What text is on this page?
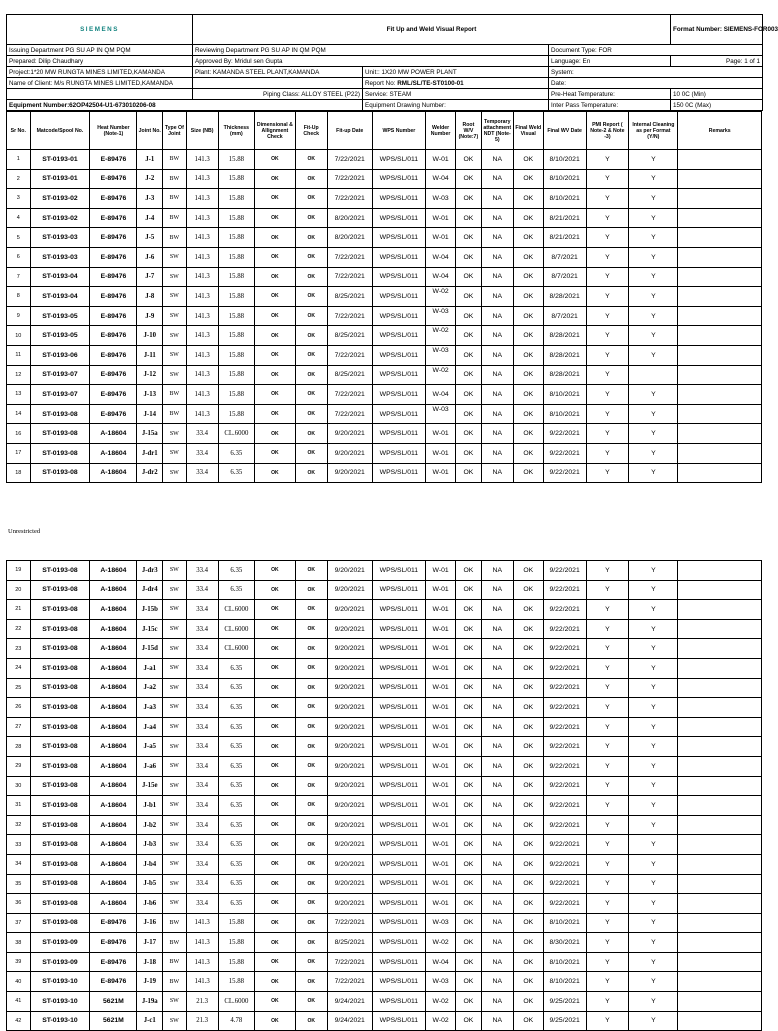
SIEMENS	Fit Up and Weld Visual Report			Format Number: SIEMENS-FOR003
Issuing Department PG SU AP IN QM PQM	Reviewing Department PG SU AP IN QM PQM		Document Type: FOR	
Prepared: Dilip Chaudhary	Approved By: Mridul sen Gupta		Language: En	Page: 1 of 1
Project:1*20 MW RUNGTA MINES LIMITED,KAMANDA	Plant: KAMANDA STEEL PLANT,KAMANDA	Unit:: 1X20 MW POWER PLANT	System:	
Name of Client: M/s RUNGTA MINES LIMITED,KAMANDA		Report No: RML/SL/TE-ST0100-01	Date:	
	Piping Class: ALLOY STEEL (P22)	Service: STEAM	Pre-Heat Temperature:	10 0C (Min)
Equipment Number:62OP42504-U1-673010206-08		Equipment Drawing Number:	Inter Pass Temperature:	150 0C (Max)
Sr No.	Matcode/Spool No.	Heat Number (Note-1)	Joint No.	Type Of Joint	Size (NB)	Thickness (mm)	Dimensional & Allignment Check	Fit-Up Check	Fit-up Date	WPS Number	Welder Number	Root W/V (Note:7)	Temporary attachment NDT (Note-5)	Final Weld Visual	Final WV Date	PMI Report ( Note-2 & Note -3)	Internal Cleaning as per Format (Y/N)	Remarks
1	ST-0193-01	E-89476	J-1	BW	141.3	15.88	OK	OK	7/22/2021	WPS/SL/011	W-01	OK	NA	OK	8/10/2021	Y	Y	
2	ST-0193-01	E-89476	J-2	BW	141.3	15.88	OK	OK	7/22/2021	WPS/SL/011	W-04	OK	NA	OK	8/10/2021	Y	Y	
3	ST-0193-02	E-89476	J-3	BW	141.3	15.88	OK	OK	7/22/2021	WPS/SL/011	W-03	OK	NA	OK	8/10/2021	Y	Y	
4	ST-0193-02	E-89476	J-4	BW	141.3	15.88	OK	OK	8/20/2021	WPS/SL/011	W-01	OK	NA	OK	8/21/2021	Y	Y	
5	ST-0193-03	E-89476	J-5	BW	141.3	15.88	OK	OK	8/20/2021	WPS/SL/011	W-01	OK	NA	OK	8/21/2021	Y	Y	
6	ST-0193-03	E-89476	J-6	SW	141.3	15.88	OK	OK	7/22/2021	WPS/SL/011	W-04	OK	NA	OK	8/7/2021	Y	Y	
7	ST-0193-04	E-89476	J-7	SW	141.3	15.88	OK	OK	7/22/2021	WPS/SL/011	W-04	OK	NA	OK	8/7/2021	Y	Y	
8	ST-0193-04	E-89476	J-8	SW	141.3	15.88	OK	OK	8/25/2021	WPS/SL/011	W-02	OK	NA	OK	8/28/2021	Y	Y	
9	ST-0193-05	E-89476	J-9	SW	141.3	15.88	OK	OK	7/22/2021	WPS/SL/011	W-03	OK	NA	OK	8/7/2021	Y	Y	
10	ST-0193-05	E-89476	J-10	SW	141.3	15.88	OK	OK	8/25/2021	WPS/SL/011	W-02	OK	NA	OK	8/28/2021	Y	Y	
11	ST-0193-06	E-89476	J-11	SW	141.3	15.88	OK	OK	7/22/2021	WPS/SL/011	W-03	OK	NA	OK	8/28/2021	Y	Y	
12	ST-0193-07	E-89476	J-12	SW	141.3	15.88	OK	OK	8/25/2021	WPS/SL/011	W-02	OK	NA	OK	8/28/2021	Y		
13	ST-0193-07	E-89476	J-13	BW	141.3	15.88	OK	OK	7/22/2021	WPS/SL/011	W-04	OK	NA	OK	8/10/2021	Y	Y	
14	ST-0193-08	E-89476	J-14	BW	141.3	15.88	OK	OK	7/22/2021	WPS/SL/011	W-03	OK	NA	OK	8/10/2021	Y	Y	
16	ST-0193-08	A-18604	J-15a	SW	33.4	CL.6000	OK	OK	9/20/2021	WPS/SL/011	W-01	OK	NA	OK	9/22/2021	Y	Y	
17	ST-0193-08	A-18604	J-dr1	SW	33.4	6.35	OK	OK	9/20/2021	WPS/SL/011	W-01	OK	NA	OK	9/22/2021	Y	Y	
18	ST-0193-08	A-18604	J-dr2	SW	33.4	6.35	OK	OK	9/20/2021	WPS/SL/011	W-01	OK	NA	OK	9/22/2021	Y	Y	
Unrestricted
19	ST-0193-08	A-18604	J-dr3	SW	33.4	6.35	OK	OK	9/20/2021	WPS/SL/011	W-01	OK	NA	OK	9/22/2021	Y	Y	
20	ST-0193-08	A-18604	J-dr4	SW	33.4	6.35	OK	OK	9/20/2021	WPS/SL/011	W-01	OK	NA	OK	9/22/2021	Y	Y	
21	ST-0193-08	A-18604	J-15b	SW	33.4	CL.6000	OK	OK	9/20/2021	WPS/SL/011	W-01	OK	NA	OK	9/22/2021	Y	Y	
22	ST-0193-08	A-18604	J-15c	SW	33.4	CL.6000	OK	OK	9/20/2021	WPS/SL/011	W-01	OK	NA	OK	9/22/2021	Y	Y	
23	ST-0193-08	A-18604	J-15d	SW	33.4	CL.6000	OK	OK	9/20/2021	WPS/SL/011	W-01	OK	NA	OK	9/22/2021	Y	Y	
24	ST-0193-08	A-18604	J-a1	SW	33.4	6.35	OK	OK	9/20/2021	WPS/SL/011	W-01	OK	NA	OK	9/22/2021	Y	Y	
25	ST-0193-08	A-18604	J-a2	SW	33.4	6.35	OK	OK	9/20/2021	WPS/SL/011	W-01	OK	NA	OK	9/22/2021	Y	Y	
26	ST-0193-08	A-18604	J-a3	SW	33.4	6.35	OK	OK	9/20/2021	WPS/SL/011	W-01	OK	NA	OK	9/22/2021	Y	Y	
27	ST-0193-08	A-18604	J-a4	SW	33.4	6.35	OK	OK	9/20/2021	WPS/SL/011	W-01	OK	NA	OK	9/22/2021	Y	Y	
28	ST-0193-08	A-18604	J-a5	SW	33.4	6.35	OK	OK	9/20/2021	WPS/SL/011	W-01	OK	NA	OK	9/22/2021	Y	Y	
29	ST-0193-08	A-18604	J-a6	SW	33.4	6.35	OK	OK	9/20/2021	WPS/SL/011	W-01	OK	NA	OK	9/22/2021	Y	Y	
30	ST-0193-08	A-18604	J-15e	SW	33.4	6.35	OK	OK	9/20/2021	WPS/SL/011	W-01	OK	NA	OK	9/22/2021	Y	Y	
31	ST-0193-08	A-18604	J-b1	SW	33.4	6.35	OK	OK	9/20/2021	WPS/SL/011	W-01	OK	NA	OK	9/22/2021	Y	Y	
32	ST-0193-08	A-18604	J-b2	SW	33.4	6.35	OK	OK	9/20/2021	WPS/SL/011	W-01	OK	NA	OK	9/22/2021	Y	Y	
33	ST-0193-08	A-18604	J-b3	SW	33.4	6.35	OK	OK	9/20/2021	WPS/SL/011	W-01	OK	NA	OK	9/22/2021	Y	Y	
34	ST-0193-08	A-18604	J-b4	SW	33.4	6.35	OK	OK	9/20/2021	WPS/SL/011	W-01	OK	NA	OK	9/22/2021	Y	Y	
35	ST-0193-08	A-18604	J-b5	SW	33.4	6.35	OK	OK	9/20/2021	WPS/SL/011	W-01	OK	NA	OK	9/22/2021	Y	Y	
36	ST-0193-08	A-18604	J-b6	SW	33.4	6.35	OK	OK	9/20/2021	WPS/SL/011	W-01	OK	NA	OK	9/22/2021	Y	Y	
37	ST-0193-08	E-89476	J-16	BW	141.3	15.88	OK	OK	7/22/2021	WPS/SL/011	W-03	OK	NA	OK	8/10/2021	Y	Y	
38	ST-0193-09	E-89476	J-17	BW	141.3	15.88	OK	OK	8/25/2021	WPS/SL/011	W-02	OK	NA	OK	8/30/2021	Y	Y	
39	ST-0193-09	E-89476	J-18	BW	141.3	15.88	OK	OK	7/22/2021	WPS/SL/011	W-04	OK	NA	OK	8/10/2021	Y	Y	
40	ST-0193-10	E-89476	J-19	BW	141.3	15.88	OK	OK	7/22/2021	WPS/SL/011	W-03	OK	NA	OK	8/10/2021	Y	Y	
41	ST-0193-10	5621M	J-19a	SW	21.3	CL.6000	OK	OK	9/24/2021	WPS/SL/011	W-02	OK	NA	OK	9/25/2021	Y	Y	
42	ST-0193-10	5621M	J-c1	SW	21.3	4.78	OK	OK	9/24/2021	WPS/SL/011	W-02	OK	NA	OK	9/25/2021	Y	Y	
